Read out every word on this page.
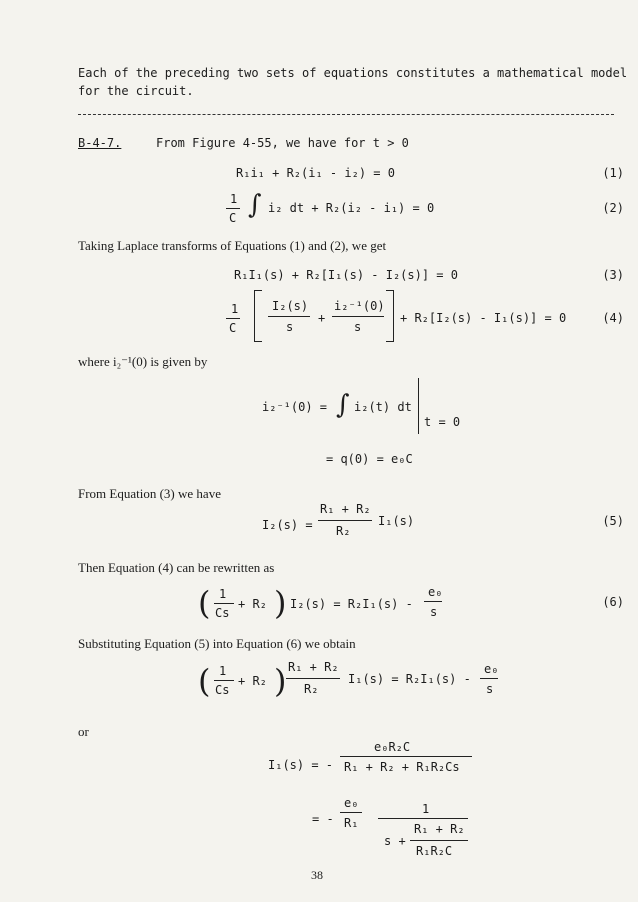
Each of the preceding two sets of equations constitutes a mathematical model
for the circuit.
B-4-7.	From Figure 4-55, we have for t > 0
R₁i₁ + R₂(i₁ - i₂) = 0	(1)
1
C ∫ i₂ dt + R₂(i₂ - i₁) = 0	(2)
Taking Laplace transforms of Equations (1) and (2), we get
R₁I₁(s) + R₂[I₁(s) - I₂(s)] = 0	(3)
1
C
I₂(s)
s
+
i₂⁻¹(0)
s
+ R₂[I₂(s) - I₁(s)] = 0	(4)
where i₂⁻¹(0) is given by
i₂⁻¹(0) = ∫ i₂(t) dt
t = 0
= q(0) = e₀C
From Equation (3) we have
I₂(s) =
R₁ + R₂
R₂
I₁(s)	(5)
Then Equation (4) can be rewritten as
( 1
Cs
+ R₂ ) I₂(s) = R₂I₁(s) -
e₀
s
(6)
Substituting Equation (5) into Equation (6) we obtain
( 1
Cs
+ R₂ ) R₁ + R₂
R₂
I₁(s) = R₂I₁(s) -
e₀
s
or
I₁(s) = -
e₀R₂C
R₁ + R₂ + R₁R₂Cs
= -
e₀
R₁
1
s +
R₁ + R₂
R₁R₂C
38
